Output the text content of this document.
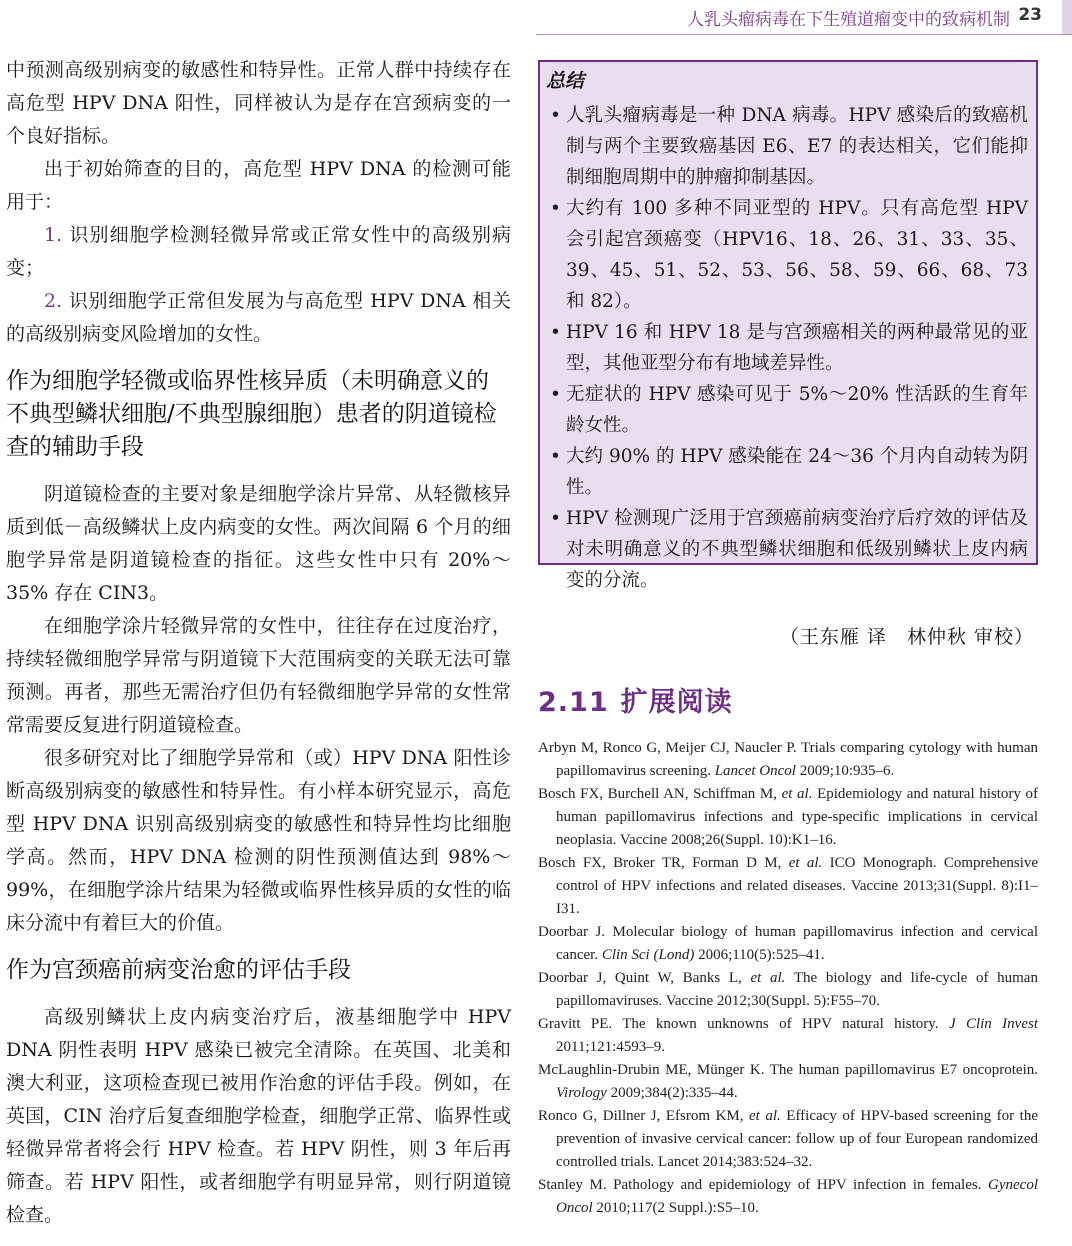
人乳头瘤病毒在下生殖道瘤变中的致病机制 23

中预测高级别病变的敏感性和特异性。正常人群中持续存在高危型 HPV DNA 阳性，同样被认为是存在宫颈病变的一个良好指标。

出于初始筛查的目的，高危型 HPV DNA 的检测可能用于：

1. 识别细胞学检测轻微异常或正常女性中的高级别病变；

2. 识别细胞学正常但发展为与高危型 HPV DNA 相关的高级别病变风险增加的女性。

作为细胞学轻微或临界性核异质（未明确意义的不典型鳞状细胞/不典型腺细胞）患者的阴道镜检查的辅助手段

阴道镜检查的主要对象是细胞学涂片异常、从轻微核异质到低－高级鳞状上皮内病变的女性。两次间隔 6 个月的细胞学异常是阴道镜检查的指征。这些女性中只有 20%～35% 存在 CIN3。

在细胞学涂片轻微异常的女性中，往往存在过度治疗，持续轻微细胞学异常与阴道镜下大范围病变的关联无法可靠预测。再者，那些无需治疗但仍有轻微细胞学异常的女性常常需要反复进行阴道镜检查。

很多研究对比了细胞学异常和（或）HPV DNA 阳性诊断高级别病变的敏感性和特异性。有小样本研究显示，高危型 HPV DNA 识别高级别病变的敏感性和特异性均比细胞学高。然而，HPV DNA 检测的阴性预测值达到 98%～99%，在细胞学涂片结果为轻微或临界性核异质的女性的临床分流中有着巨大的价值。

作为宫颈癌前病变治愈的评估手段

高级别鳞状上皮内病变治疗后，液基细胞学中 HPV DNA 阴性表明 HPV 感染已被完全清除。在英国、北美和澳大利亚，这项检查现已被用作治愈的评估手段。例如，在英国，CIN 治疗后复查细胞学检查，细胞学正常、临界性或轻微异常者将会行 HPV 检查。若 HPV 阴性，则 3 年后再筛查。若 HPV 阳性，或者细胞学有明显异常，则行阴道镜检查。

总结
• 人乳头瘤病毒是一种 DNA 病毒。HPV 感染后的致癌机制与两个主要致癌基因 E6、E7 的表达相关，它们能抑制细胞周期中的肿瘤抑制基因。
• 大约有 100 多种不同亚型的 HPV。只有高危型 HPV 会引起宫颈癌变（HPV16、18、26、31、33、35、39、45、51、52、53、56、58、59、66、68、73 和 82）。
• HPV 16 和 HPV 18 是与宫颈癌相关的两种最常见的亚型，其他亚型分布有地域差异性。
• 无症状的 HPV 感染可见于 5%～20% 性活跃的生育年龄女性。
• 大约 90% 的 HPV 感染能在 24～36 个月内自动转为阴性。
• HPV 检测现广泛用于宫颈癌前病变治疗后疗效的评估及对未明确意义的不典型鳞状细胞和低级别鳞状上皮内病变的分流。
（王东雁 译　林仲秋 审校）
2.11 扩展阅读
Arbyn M, Ronco G, Meijer CJ, Naucler P. Trials comparing cytology with human papillomavirus screening. Lancet Oncol 2009;10:935–6.
Bosch FX, Burchell AN, Schiffman M, et al. Epidemiology and natural history of human papillomavirus infections and type-specific implications in cervical neoplasia. Vaccine 2008;26(Suppl. 10):K1–16.
Bosch FX, Broker TR, Forman D M, et al. ICO Monograph. Comprehensive control of HPV infections and related diseases. Vaccine 2013;31(Suppl. 8):I1–I31.
Doorbar J. Molecular biology of human papillomavirus infection and cervical cancer. Clin Sci (Lond) 2006;110(5):525–41.
Doorbar J, Quint W, Banks L, et al. The biology and life-cycle of human papillomaviruses. Vaccine 2012;30(Suppl. 5):F55–70.
Gravitt PE. The known unknowns of HPV natural history. J Clin Invest 2011;121:4593–9.
McLaughlin-Drubin ME, Münger K. The human papillomavirus E7 oncoprotein. Virology 2009;384(2):335–44.
Ronco G, Dillner J, Efsrom KM, et al. Efficacy of HPV-based screening for the prevention of invasive cervical cancer: follow up of four European randomized controlled trials. Lancet 2014;383:524–32.
Stanley M. Pathology and epidemiology of HPV infection in females. Gynecol Oncol 2010;117(2 Suppl.):S5–10.
